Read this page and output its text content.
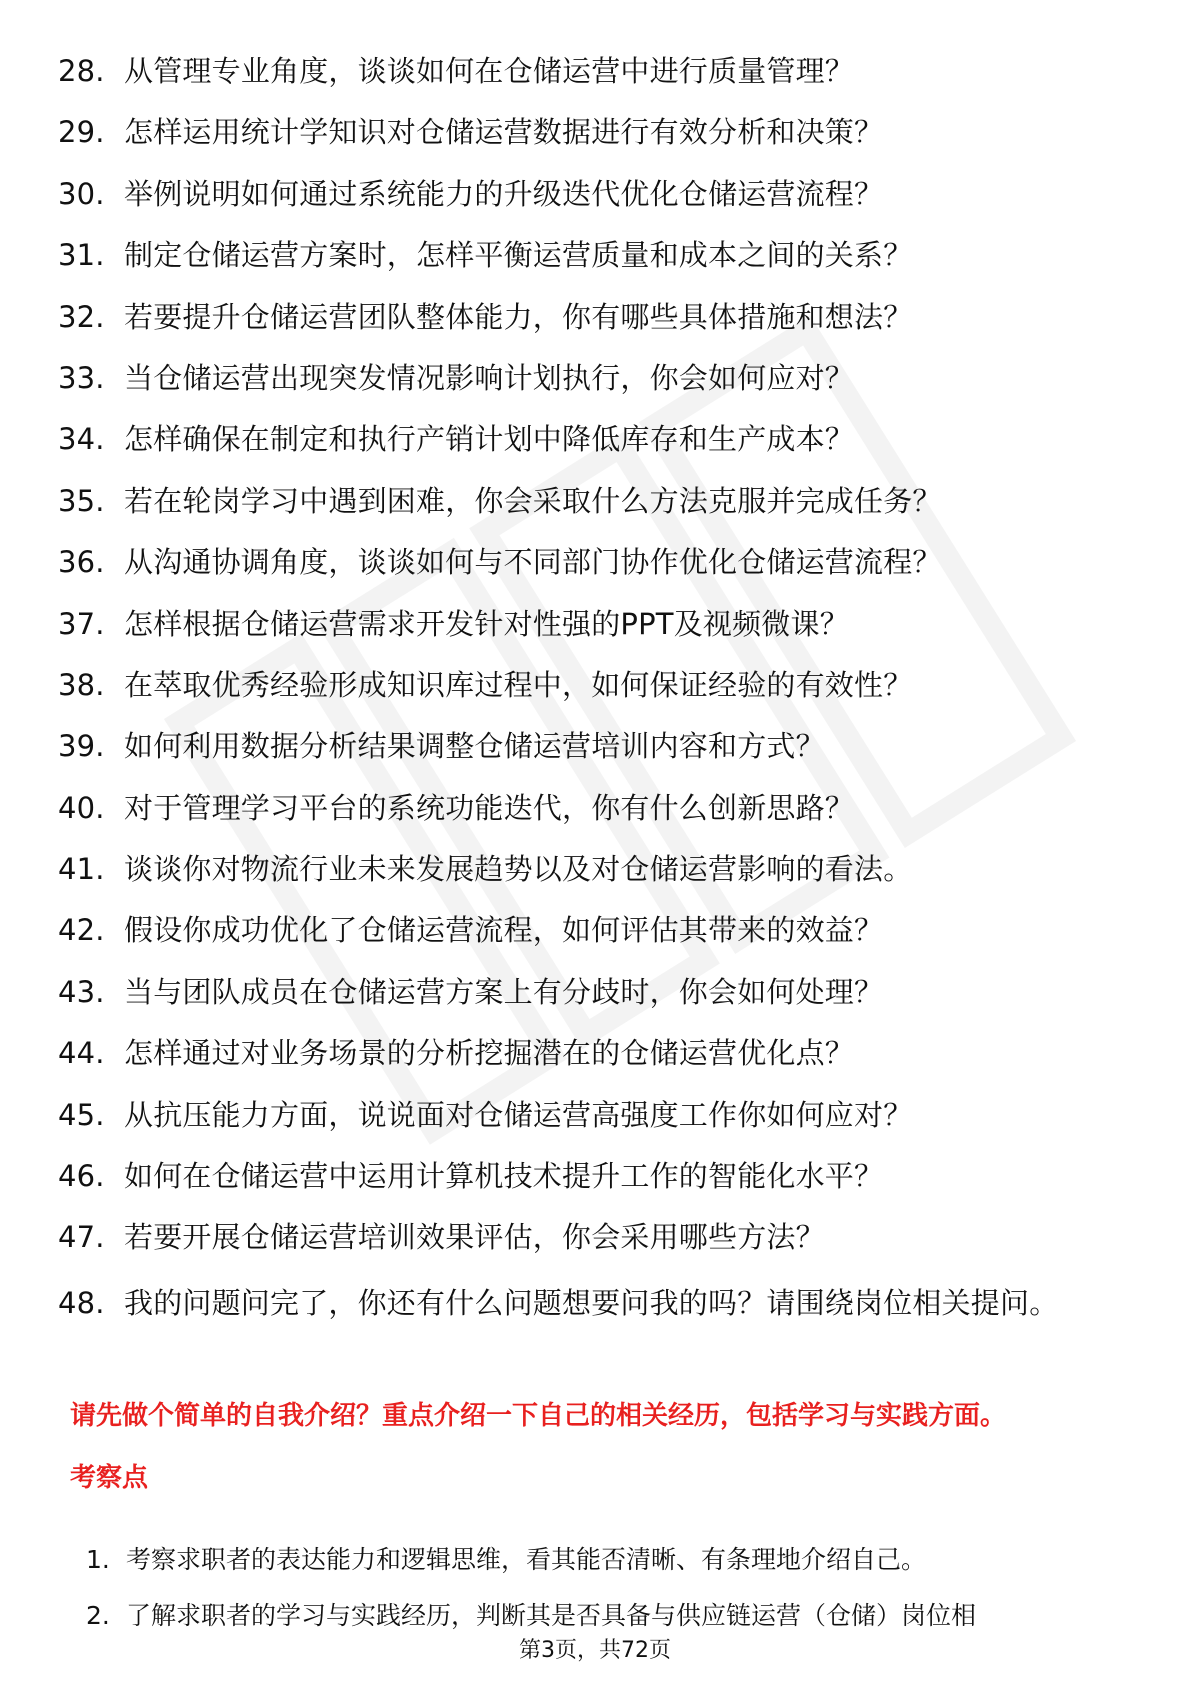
28. 从管理专业角度，谈谈如何在仓储运营中进行质量管理？
29. 怎样运用统计学知识对仓储运营数据进行有效分析和决策？
30. 举例说明如何通过系统能力的升级迭代优化仓储运营流程？
31. 制定仓储运营方案时，怎样平衡运营质量和成本之间的关系？
32. 若要提升仓储运营团队整体能力，你有哪些具体措施和想法？
33. 当仓储运营出现突发情况影响计划执行，你会如何应对？
34. 怎样确保在制定和执行产销计划中降低库存和生产成本？
35. 若在轮岗学习中遇到困难，你会采取什么方法克服并完成任务？
36. 从沟通协调角度，谈谈如何与不同部门协作优化仓储运营流程？
37. 怎样根据仓储运营需求开发针对性强的PPT及视频微课？
38. 在萃取优秀经验形成知识库过程中，如何保证经验的有效性？
39. 如何利用数据分析结果调整仓储运营培训内容和方式？
40. 对于管理学习平台的系统功能迭代，你有什么创新思路？
41. 谈谈你对物流行业未来发展趋势以及对仓储运营影响的看法。
42. 假设你成功优化了仓储运营流程，如何评估其带来的效益？
43. 当与团队成员在仓储运营方案上有分歧时，你会如何处理？
44. 怎样通过对业务场景的分析挖掘潜在的仓储运营优化点？
45. 从抗压能力方面，说说面对仓储运营高强度工作你如何应对？
46. 如何在仓储运营中运用计算机技术提升工作的智能化水平？
47. 若要开展仓储运营培训效果评估，你会采用哪些方法？
48. 我的问题问完了，你还有什么问题想要问我的吗？请围绕岗位相关提问。
请先做个简单的自我介绍？重点介绍一下自己的相关经历，包括学习与实践方面。
考察点
1. 考察求职者的表达能力和逻辑思维，看其能否清晰、有条理地介绍自己。
2. 了解求职者的学习与实践经历，判断其是否具备与供应链运营（仓储）岗位相
第3页，共72页
